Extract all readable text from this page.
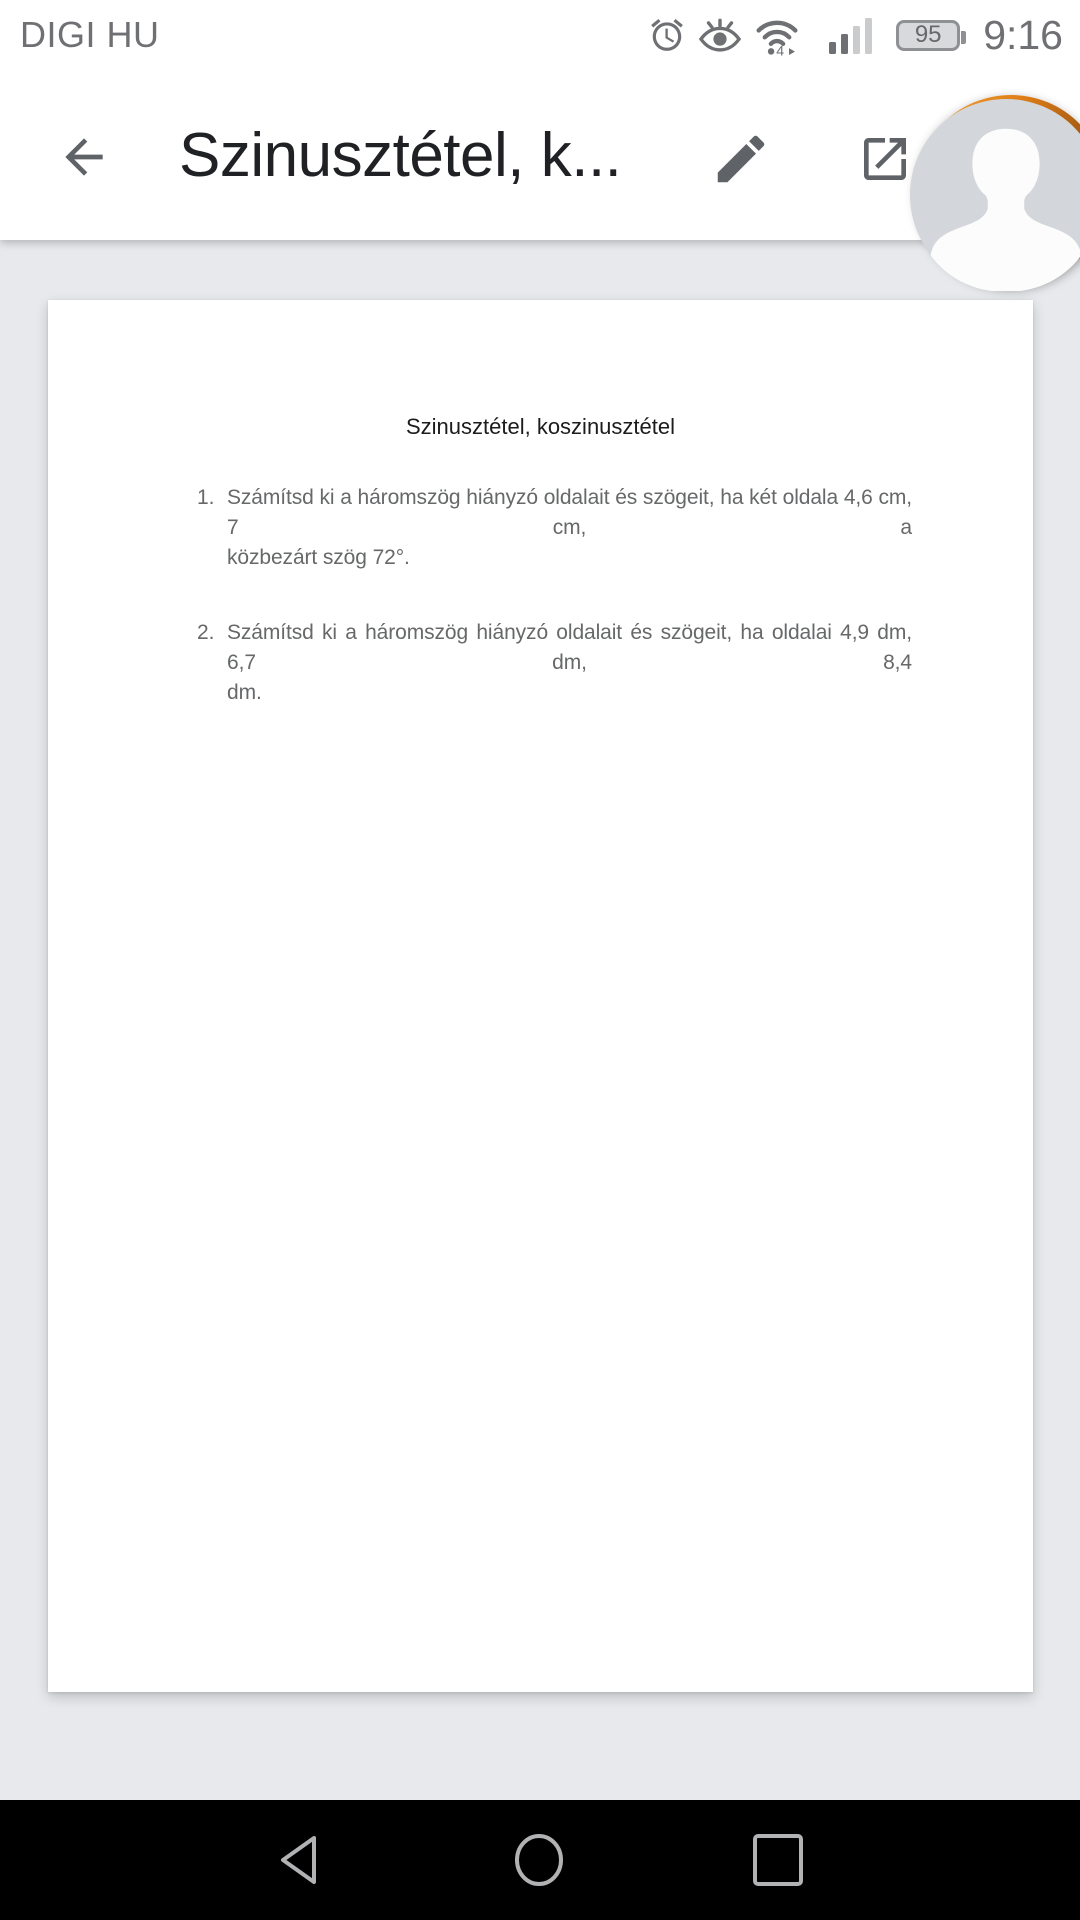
DIGI HU	4
95 9:16
Szinusztétel, k...
Szinusztétel, koszinusztétel
1. Számítsd ki a háromszög hiányzó oldalait és szögeit, ha két oldala 4,6 cm, 7 cm, a
közbezárt szög 72°.
2. Számítsd ki a háromszög hiányzó oldalait és szögeit, ha oldalai 4,9 dm, 6,7 dm, 8,4
dm.
